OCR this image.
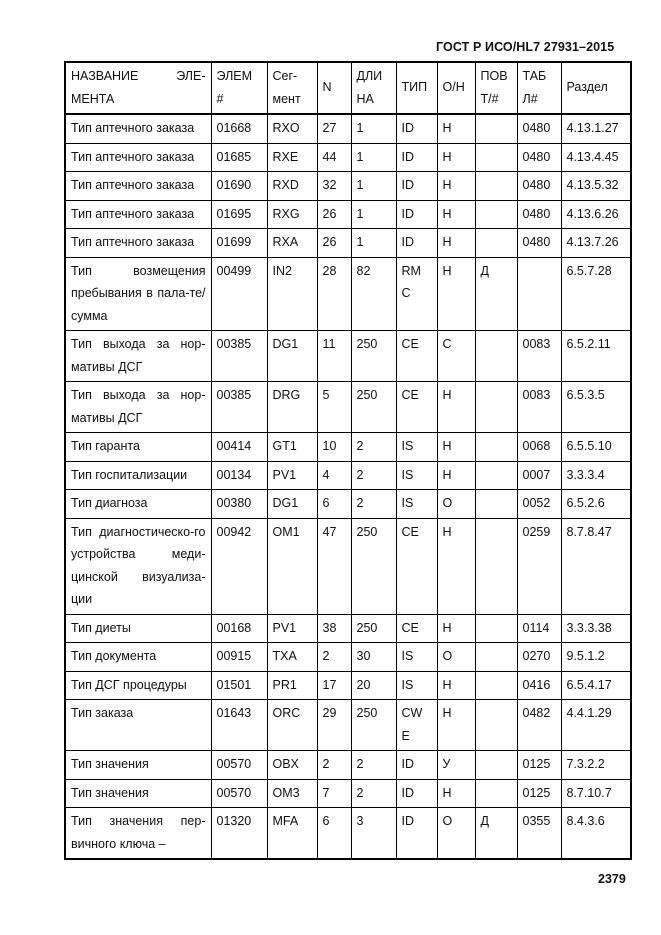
ГОСТ Р ИСО/HL7 27931–2015
НАЗВАНИЕ ЭЛЕ-МЕНТА	ЭЛЕМ #	Сег-мент	N	ДЛИ НА	ТИП	О/Н	ПОВ Т/#	ТАБ Л#	Раздел
Тип аптечного заказа	01668	RXO	27	1	ID	Н		0480	4.13.1.27
Тип аптечного заказа	01685	RXE	44	1	ID	Н		0480	4.13.4.45
Тип аптечного заказа	01690	RXD	32	1	ID	Н		0480	4.13.5.32
Тип аптечного заказа	01695	RXG	26	1	ID	Н		0480	4.13.6.26
Тип аптечного заказа	01699	RXA	26	1	ID	Н		0480	4.13.7.26
Тип возмещения пребывания в пала-те/сумма	00499	IN2	28	82	RM C	Н	Д		6.5.7.28
Тип выхода за нор-мативы ДСГ	00385	DG1	11	250	CE	С		0083	6.5.2.11
Тип выхода за нор-мативы ДСГ	00385	DRG	5	250	CE	Н		0083	6.5.3.5
Тип гаранта	00414	GT1	10	2	IS	Н		0068	6.5.5.10
Тип госпитализации	00134	PV1	4	2	IS	Н		0007	3.3.3.4
Тип диагноза	00380	DG1	6	2	IS	О		0052	6.5.2.6
Тип диагностическо-го устройства меди-цинской визуализа-ции	00942	OM1	47	250	CE	Н		0259	8.7.8.47
Тип диеты	00168	PV1	38	250	CE	Н		0114	3.3.3.38
Тип документа	00915	TXA	2	30	IS	О		0270	9.5.1.2
Тип ДСГ процедуры	01501	PR1	17	20	IS	Н		0416	6.5.4.17
Тип заказа	01643	ORC	29	250	CW E	Н		0482	4.4.1.29
Тип значения	00570	OBX	2	2	ID	У		0125	7.3.2.2
Тип значения	00570	OM3	7	2	ID	Н		0125	8.7.10.7
Тип значения пер-вичного ключа –	01320	MFA	6	3	ID	О	Д	0355	8.4.3.6
2379
